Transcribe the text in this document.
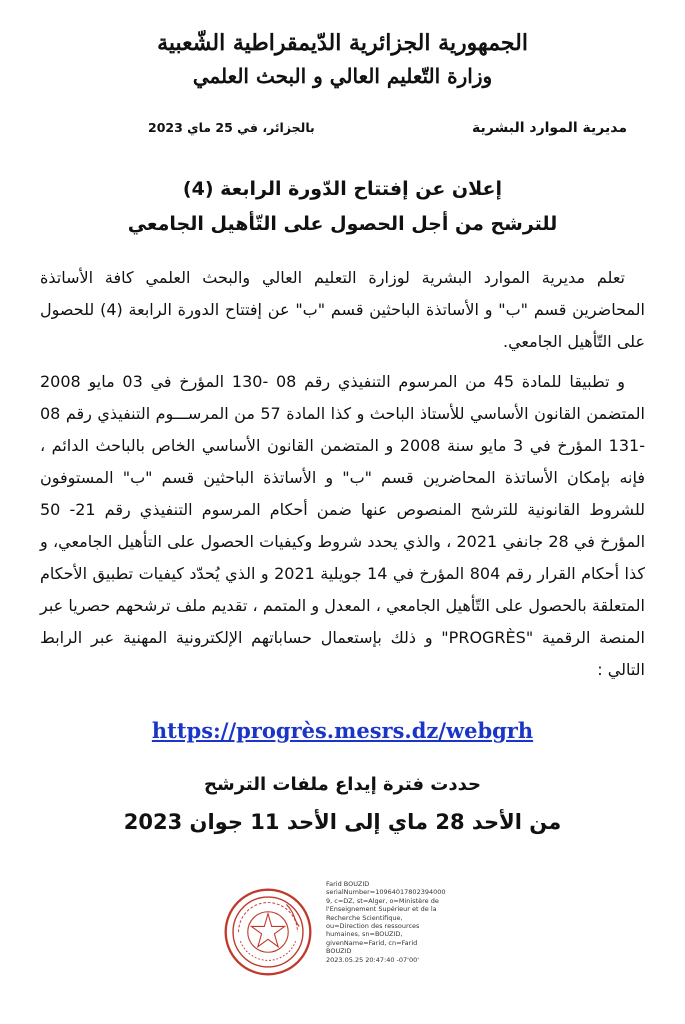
الجمهورية الجزائرية الدّيمقراطية الشّعبية
وزارة التّعليم العالي و البحث العلمي
مديرية الموارد البشرية
بالجزائر، في 25 ماي 2023
إعلان عن إفتتاح الدّورة الرابعة (4)
للترشح من أجل الحصول على التّأهيل الجامعي

تعلم مديرية الموارد البشرية لوزارة التعليم العالي والبحث العلمي كافة الأساتذة المحاضرين قسم "ب" و الأساتذة الباحثين قسم "ب" عن إفتتاح الدورة الرابعة (4) للحصول على التّأهيل الجامعي.

و تطبيقا للمادة 45 من المرسوم التنفيذي رقم 08 -130 المؤرخ في 03 مايو 2008 المتضمن القانون الأساسي للأستاذ الباحث و كذا المادة 57 من المرســـوم التنفيذي رقم 08 -131 المؤرخ في 3 مايو سنة 2008 و المتضمن القانون الأساسي الخاص بالباحث الدائم ، فإنه بإمكان الأساتذة المحاضرين قسم "ب" و الأساتذة الباحثين قسم "ب" المستوفون للشروط القانونية للترشح المنصوص عنها ضمن أحكام المرسوم التنفيذي رقم 21- 50 المؤرخ في 28 جانفي 2021 ، والذي يحدد شروط وكيفيات الحصول على التأهيل الجامعي، و كذا أحكام القرار رقم 804 المؤرخ في 14 جويلية 2021 و الذي يُحدّد كيفيات تطبيق الأحكام المتعلقة بالحصول على التّأهيل الجامعي ، المعدل و المتمم ، تقديم ملف ترشحهم حصريا عبر المنصة الرقمية "PROGRÈS" و ذلك بإستعمال حساباتهم الإلكترونية المهنية عبر الرابط التالي :

https://progrès.mesrs.dz/webgrh
حددت فترة إيداع ملفات الترشح
من الأحد 28 ماي إلى الأحد 11 جوان 2023
Farid BOUZID
serialNumber=10964017802394000
9, c=DZ, st=Alger, o=Ministère de
l'Enseignement Supérieur et de la
Recherche Scientifique,
ou=Direction des ressources
humaines, sn=BOUZID,
givenName=Farid, cn=Farid
BOUZID
2023.05.25 20:47:40 -07'00'
